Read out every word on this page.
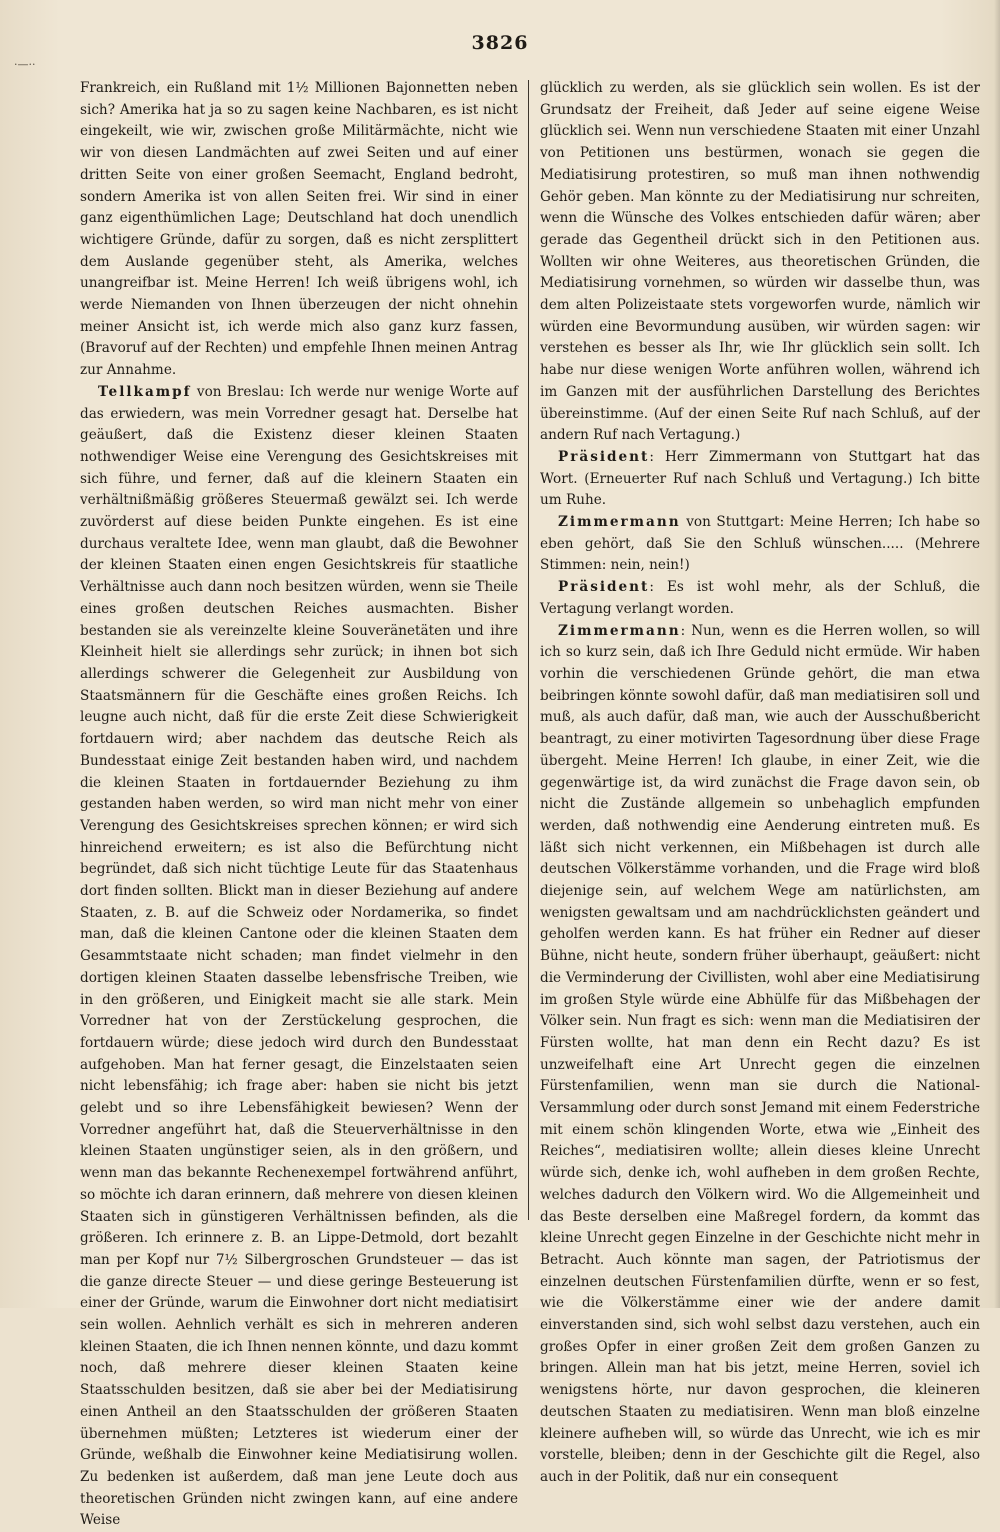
·—··
3826

Frankreich, ein Rußland mit 1½ Millionen Bajonnetten neben sich? Amerika hat ja so zu sagen keine Nachbaren, es ist nicht eingekeilt, wie wir, zwischen große Militärmächte, nicht wie wir von diesen Landmächten auf zwei Seiten und auf einer dritten Seite von einer großen Seemacht, England bedroht, sondern Amerika ist von allen Seiten frei. Wir sind in einer ganz eigenthümlichen Lage; Deutschland hat doch unendlich wichtigere Gründe, dafür zu sorgen, daß es nicht zersplittert dem Auslande gegenüber steht, als Amerika, welches unangreifbar ist. Meine Herren! Ich weiß übrigens wohl, ich werde Niemanden von Ihnen überzeugen der nicht ohnehin meiner Ansicht ist, ich werde mich also ganz kurz fassen, (Bravoruf auf der Rechten) und empfehle Ihnen meinen Antrag zur Annahme.

Tellkampf von Breslau: Ich werde nur wenige Worte auf das erwiedern, was mein Vorredner gesagt hat. Derselbe hat geäußert, daß die Existenz dieser kleinen Staaten nothwendiger Weise eine Verengung des Gesichtskreises mit sich führe, und ferner, daß auf die kleinern Staaten ein verhältnißmäßig größeres Steuermaß gewälzt sei. Ich werde zuvörderst auf diese beiden Punkte eingehen. Es ist eine durchaus veraltete Idee, wenn man glaubt, daß die Bewohner der kleinen Staaten einen engen Gesichtskreis für staatliche Verhältnisse auch dann noch besitzen würden, wenn sie Theile eines großen deutschen Reiches ausmachten. Bisher bestanden sie als vereinzelte kleine Souveränetäten und ihre Kleinheit hielt sie allerdings sehr zurück; in ihnen bot sich allerdings schwerer die Gelegenheit zur Ausbildung von Staatsmännern für die Geschäfte eines großen Reichs. Ich leugne auch nicht, daß für die erste Zeit diese Schwierigkeit fortdauern wird; aber nachdem das deutsche Reich als Bundesstaat einige Zeit bestanden haben wird, und nachdem die kleinen Staaten in fortdauernder Beziehung zu ihm gestanden haben werden, so wird man nicht mehr von einer Verengung des Gesichtskreises sprechen können; er wird sich hinreichend erweitern; es ist also die Befürchtung nicht begründet, daß sich nicht tüchtige Leute für das Staatenhaus dort finden sollten. Blickt man in dieser Beziehung auf andere Staaten, z. B. auf die Schweiz oder Nordamerika, so findet man, daß die kleinen Cantone oder die kleinen Staaten dem Gesammtstaate nicht schaden; man findet vielmehr in den dortigen kleinen Staaten dasselbe lebensfrische Treiben, wie in den größeren, und Einigkeit macht sie alle stark. Mein Vorredner hat von der Zerstückelung gesprochen, die fortdauern würde; diese jedoch wird durch den Bundesstaat aufgehoben. Man hat ferner gesagt, die Einzelstaaten seien nicht lebensfähig; ich frage aber: haben sie nicht bis jetzt gelebt und so ihre Lebensfähigkeit bewiesen? Wenn der Vorredner angeführt hat, daß die Steuerverhältnisse in den kleinen Staaten ungünstiger seien, als in den größern, und wenn man das bekannte Rechenexempel fortwährend anführt, so möchte ich daran erinnern, daß mehrere von diesen kleinen Staaten sich in günstigeren Verhältnissen befinden, als die größeren. Ich erinnere z. B. an Lippe-Detmold, dort bezahlt man per Kopf nur 7½ Silbergroschen Grundsteuer — das ist die ganze directe Steuer — und diese geringe Besteuerung ist einer der Gründe, warum die Einwohner dort nicht mediatisirt sein wollen. Aehnlich verhält es sich in mehreren anderen kleinen Staaten, die ich Ihnen nennen könnte, und dazu kommt noch, daß mehrere dieser kleinen Staaten keine Staatsschulden besitzen, daß sie aber bei der Mediatisirung einen Antheil an den Staatsschulden der größeren Staaten übernehmen müßten; Letzteres ist wiederum einer der Gründe, weßhalb die Einwohner keine Mediatisirung wollen. Zu bedenken ist außerdem, daß man jene Leute doch aus theoretischen Gründen nicht zwingen kann, auf eine andere Weise

glücklich zu werden, als sie glücklich sein wollen. Es ist der Grundsatz der Freiheit, daß Jeder auf seine eigene Weise glücklich sei. Wenn nun verschiedene Staaten mit einer Unzahl von Petitionen uns bestürmen, wonach sie gegen die Mediatisirung protestiren, so muß man ihnen nothwendig Gehör geben. Man könnte zu der Mediatisirung nur schreiten, wenn die Wünsche des Volkes entschieden dafür wären; aber gerade das Gegentheil drückt sich in den Petitionen aus. Wollten wir ohne Weiteres, aus theoretischen Gründen, die Mediatisirung vornehmen, so würden wir dasselbe thun, was dem alten Polizeistaate stets vorgeworfen wurde, nämlich wir würden eine Bevormundung ausüben, wir würden sagen: wir verstehen es besser als Ihr, wie Ihr glücklich sein sollt. Ich habe nur diese wenigen Worte anführen wollen, während ich im Ganzen mit der ausführlichen Darstellung des Berichtes übereinstimme. (Auf der einen Seite Ruf nach Schluß, auf der andern Ruf nach Vertagung.)

Präsident: Herr Zimmermann von Stuttgart hat das Wort. (Erneuerter Ruf nach Schluß und Vertagung.) Ich bitte um Ruhe.

Zimmermann von Stuttgart: Meine Herren; Ich habe so eben gehört, daß Sie den Schluß wünschen..... (Mehrere Stimmen: nein, nein!)

Präsident: Es ist wohl mehr, als der Schluß, die Vertagung verlangt worden.

Zimmermann: Nun, wenn es die Herren wollen, so will ich so kurz sein, daß ich Ihre Geduld nicht ermüde. Wir haben vorhin die verschiedenen Gründe gehört, die man etwa beibringen könnte sowohl dafür, daß man mediatisiren soll und muß, als auch dafür, daß man, wie auch der Ausschußbericht beantragt, zu einer motivirten Tagesordnung über diese Frage übergeht. Meine Herren! Ich glaube, in einer Zeit, wie die gegenwärtige ist, da wird zunächst die Frage davon sein, ob nicht die Zustände allgemein so unbehaglich empfunden werden, daß nothwendig eine Aenderung eintreten muß. Es läßt sich nicht verkennen, ein Mißbehagen ist durch alle deutschen Völkerstämme vorhanden, und die Frage wird bloß diejenige sein, auf welchem Wege am natürlichsten, am wenigsten gewaltsam und am nachdrücklichsten geändert und geholfen werden kann. Es hat früher ein Redner auf dieser Bühne, nicht heute, sondern früher überhaupt, geäußert: nicht die Verminderung der Civillisten, wohl aber eine Mediatisirung im großen Style würde eine Abhülfe für das Mißbehagen der Völker sein. Nun fragt es sich: wenn man die Mediatisiren der Fürsten wollte, hat man denn ein Recht dazu? Es ist unzweifelhaft eine Art Unrecht gegen die einzelnen Fürstenfamilien, wenn man sie durch die National-Versammlung oder durch sonst Jemand mit einem Federstriche mit einem schön klingenden Worte, etwa wie „Einheit des Reiches“, mediatisiren wollte; allein dieses kleine Unrecht würde sich, denke ich, wohl aufheben in dem großen Rechte, welches dadurch den Völkern wird. Wo die Allgemeinheit und das Beste derselben eine Maßregel fordern, da kommt das kleine Unrecht gegen Einzelne in der Geschichte nicht mehr in Betracht. Auch könnte man sagen, der Patriotismus der einzelnen deutschen Fürstenfamilien dürfte, wenn er so fest, wie die Völkerstämme einer wie der andere damit einverstanden sind, sich wohl selbst dazu verstehen, auch ein großes Opfer in einer großen Zeit dem großen Ganzen zu bringen. Allein man hat bis jetzt, meine Herren, soviel ich wenigstens hörte, nur davon gesprochen, die kleineren deutschen Staaten zu mediatisiren. Wenn man bloß einzelne kleinere aufheben will, so würde das Unrecht, wie ich es mir vorstelle, bleiben; denn in der Geschichte gilt die Regel, also auch in der Politik, daß nur ein consequent
